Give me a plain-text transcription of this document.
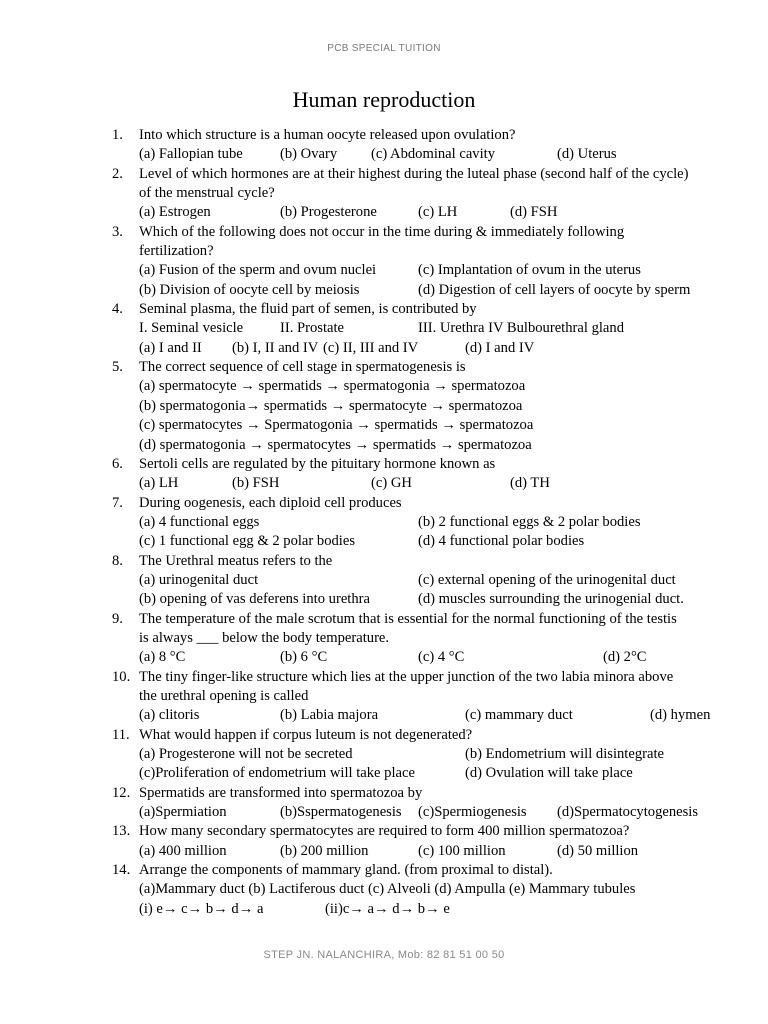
PCB SPECIAL TUITION
Human reproduction
1. Into which structure is a human oocyte released upon ovulation?
(a) Fallopian tube	(b) Ovary (c) Abdominal cavity	(d) Uterus
2. Level of which hormones are at their highest during the luteal phase (second half of the cycle)
of the menstrual cycle?
(a) Estrogen	(b) Progesterone	(c) LH	(d) FSH
3. Which of the following does not occur in the time during & immediately following
fertilization?
(a) Fusion of the sperm and ovum nuclei	(c) Implantation of ovum in the uterus
(b) Division of oocyte cell by meiosis	(d) Digestion of cell layers of oocyte by sperm
4. Seminal plasma, the fluid part of semen, is contributed by
I. Seminal vesicle	II. Prostate	III. Urethra IV Bulbourethral gland
(a) I and II (b) I, II and IV (c) II, III and IV	(d) I and IV
5. The correct sequence of cell stage in spermatogenesis is
(a) spermatocyte → spermatids → spermatogonia → spermatozoa
(b) spermatogonia→ spermatids → spermatocyte → spermatozoa
(c) spermatocytes → Spermatogonia → spermatids → spermatozoa
(d) spermatogonia → spermatocytes → spermatids → spermatozoa
6. Sertoli cells are regulated by the pituitary hormone known as
(a) LH	(b) FSH	(c) GH	(d) TH
7. During oogenesis, each diploid cell produces
(a) 4 functional eggs	(b) 2 functional eggs & 2 polar bodies
(c) 1 functional egg & 2 polar bodies	(d) 4 functional polar bodies
8. The Urethral meatus refers to the
(a) urinogenital duct	(c) external opening of the urinogenital duct
(b) opening of vas deferens into urethra	(d) muscles surrounding the urinogenial duct.
9. The temperature of the male scrotum that is essential for the normal functioning of the testis
is always ___ below the body temperature.
(a) 8 °C	(b) 6 °C	(c) 4 °C	(d) 2°C
10. The tiny finger-like structure which lies at the upper junction of the two labia minora above
the urethral opening is called
(a) clitoris	(b) Labia majora	(c) mammary duct	(d) hymen
11. What would happen if corpus luteum is not degenerated?
(a) Progesterone will not be secreted	(b) Endometrium will disintegrate
(c)Proliferation of endometrium will take place	(d) Ovulation will take place
12. Spermatids are transformed into spermatozoa by
(a)Spermiation	(b)Sspermatogenesis (c)Spermiogenesis (d)Spermatocytogenesis
13. How many secondary spermatocytes are required to form 400 million spermatozoa?
(a) 400 million	(b) 200 million	(c) 100 million	(d) 50 million
14. Arrange the components of mammary gland. (from proximal to distal).
(a)Mammary duct (b) Lactiferous duct (c) Alveoli (d) Ampulla (e) Mammary tubules
(i) e→ c→ b→ d→ a	(ii)c→ a→ d→ b→ e
STEP JN. NALANCHIRA, Mob: 82 81 51 00 50
